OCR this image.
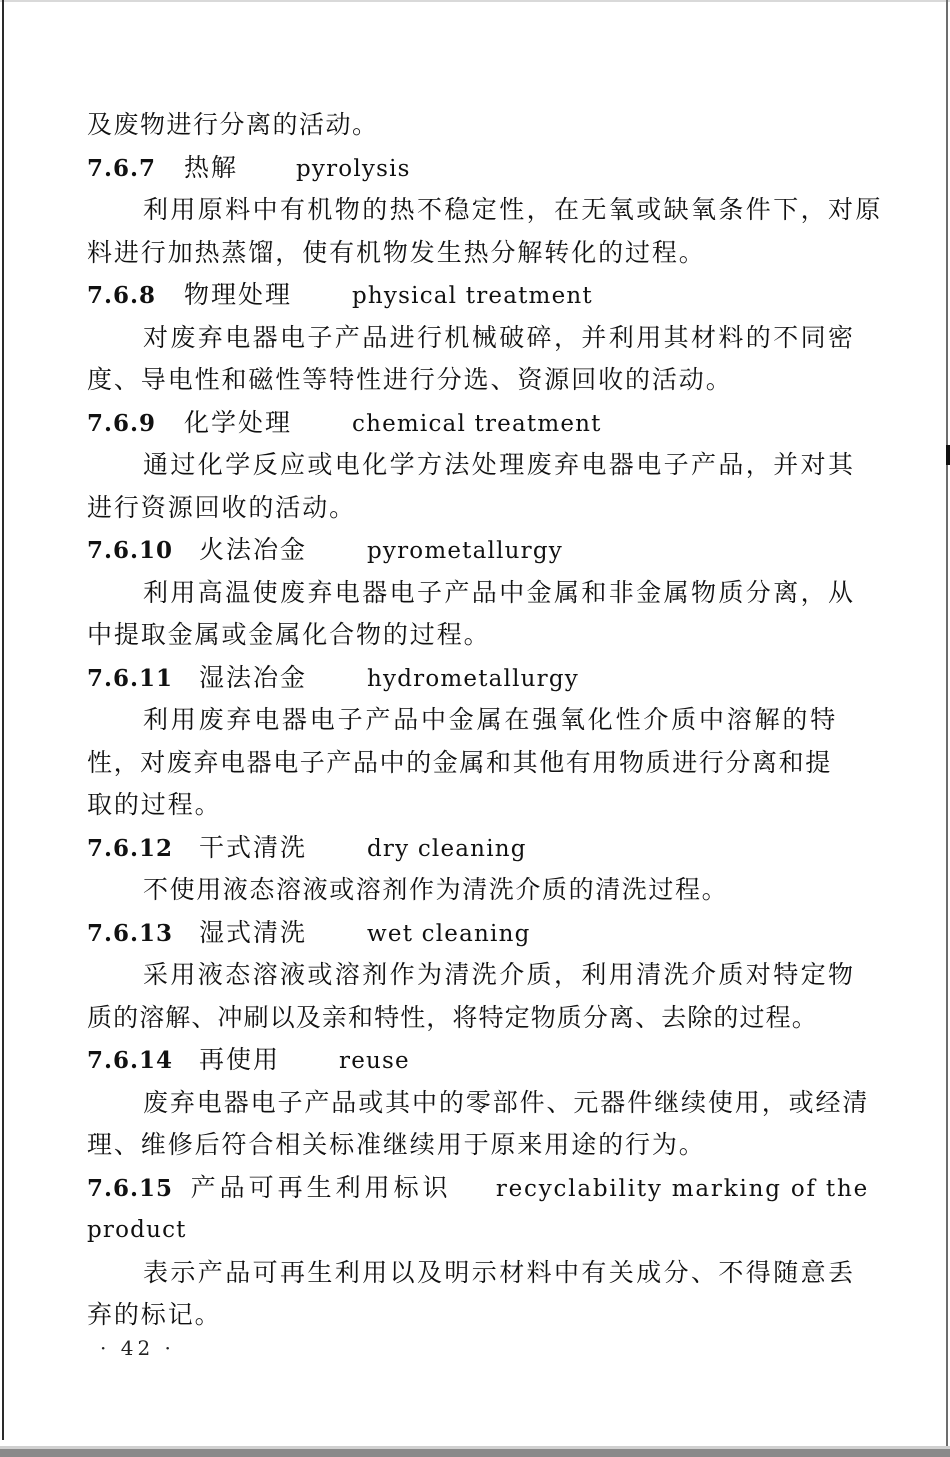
及废物进行分离的活动。
7.6.7	热解	pyrolysis
利用原料中有机物的热不稳定性，在无氧或缺氧条件下，对原
料进行加热蒸馏，使有机物发生热分解转化的过程。
7.6.8	物理处理	physical treatment
对废弃电器电子产品进行机械破碎，并利用其材料的不同密
度、导电性和磁性等特性进行分选、资源回收的活动。
7.6.9	化学处理	chemical treatment
通过化学反应或电化学方法处理废弃电器电子产品，并对其
进行资源回收的活动。
7.6.10	火法冶金	pyrometallurgy
利用高温使废弃电器电子产品中金属和非金属物质分离，从
中提取金属或金属化合物的过程。
7.6.11	湿法冶金	hydrometallurgy
利用废弃电器电子产品中金属在强氧化性介质中溶解的特
性，对废弃电器电子产品中的金属和其他有用物质进行分离和提
取的过程。
7.6.12	干式清洗	dry cleaning
不使用液态溶液或溶剂作为清洗介质的清洗过程。
7.6.13	湿式清洗	wet cleaning
采用液态溶液或溶剂作为清洗介质，利用清洗介质对特定物
质的溶解、冲刷以及亲和特性，将特定物质分离、去除的过程。
7.6.14	再使用	reuse
废弃电器电子产品或其中的零部件、元器件继续使用，或经清
理、维修后符合相关标准继续用于原来用途的行为。
7.6.15 产品可再生利用标识	recyclability marking of the
product
表示产品可再生利用以及明示材料中有关成分、不得随意丢
弃的标记。
· 42 ·
